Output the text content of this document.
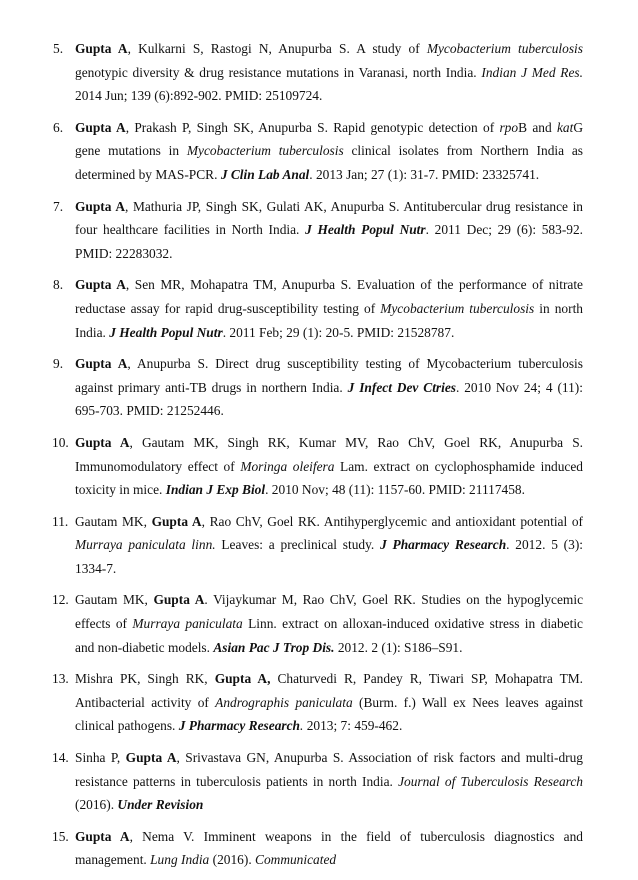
5. Gupta A, Kulkarni S, Rastogi N, Anupurba S. A study of Mycobacterium tuberculosis genotypic diversity & drug resistance mutations in Varanasi, north India. Indian J Med Res. 2014 Jun; 139 (6):892-902. PMID: 25109724.
6. Gupta A, Prakash P, Singh SK, Anupurba S. Rapid genotypic detection of rpoB and katG gene mutations in Mycobacterium tuberculosis clinical isolates from Northern India as determined by MAS-PCR. J Clin Lab Anal. 2013 Jan; 27 (1): 31-7. PMID: 23325741.
7. Gupta A, Mathuria JP, Singh SK, Gulati AK, Anupurba S. Antitubercular drug resistance in four healthcare facilities in North India. J Health Popul Nutr. 2011 Dec; 29 (6): 583-92. PMID: 22283032.
8. Gupta A, Sen MR, Mohapatra TM, Anupurba S. Evaluation of the performance of nitrate reductase assay for rapid drug-susceptibility testing of Mycobacterium tuberculosis in north India. J Health Popul Nutr. 2011 Feb; 29 (1): 20-5. PMID: 21528787.
9. Gupta A, Anupurba S. Direct drug susceptibility testing of Mycobacterium tuberculosis against primary anti-TB drugs in northern India. J Infect Dev Ctries. 2010 Nov 24; 4 (11): 695-703. PMID: 21252446.
10. Gupta A, Gautam MK, Singh RK, Kumar MV, Rao ChV, Goel RK, Anupurba S. Immunomodulatory effect of Moringa oleifera Lam. extract on cyclophosphamide induced toxicity in mice. Indian J Exp Biol. 2010 Nov; 48 (11): 1157-60. PMID: 21117458.
11. Gautam MK, Gupta A, Rao ChV, Goel RK. Antihyperglycemic and antioxidant potential of Murraya paniculata linn. Leaves: a preclinical study. J Pharmacy Research. 2012. 5 (3): 1334-7.
12. Gautam MK, Gupta A. Vijaykumar M, Rao ChV, Goel RK. Studies on the hypoglycemic effects of Murraya paniculata Linn. extract on alloxan-induced oxidative stress in diabetic and non-diabetic models. Asian Pac J Trop Dis. 2012. 2 (1): S186–S91.
13. Mishra PK, Singh RK, Gupta A, Chaturvedi R, Pandey R, Tiwari SP, Mohapatra TM. Antibacterial activity of Andrographis paniculata (Burm. f.) Wall ex Nees leaves against clinical pathogens. J Pharmacy Research. 2013; 7: 459-462.
14. Sinha P, Gupta A, Srivastava GN, Anupurba S. Association of risk factors and multi-drug resistance patterns in tuberculosis patients in north India. Journal of Tuberculosis Research (2016). Under Revision
15. Gupta A, Nema V. Imminent weapons in the field of tuberculosis diagnostics and management. Lung India (2016). Communicated
